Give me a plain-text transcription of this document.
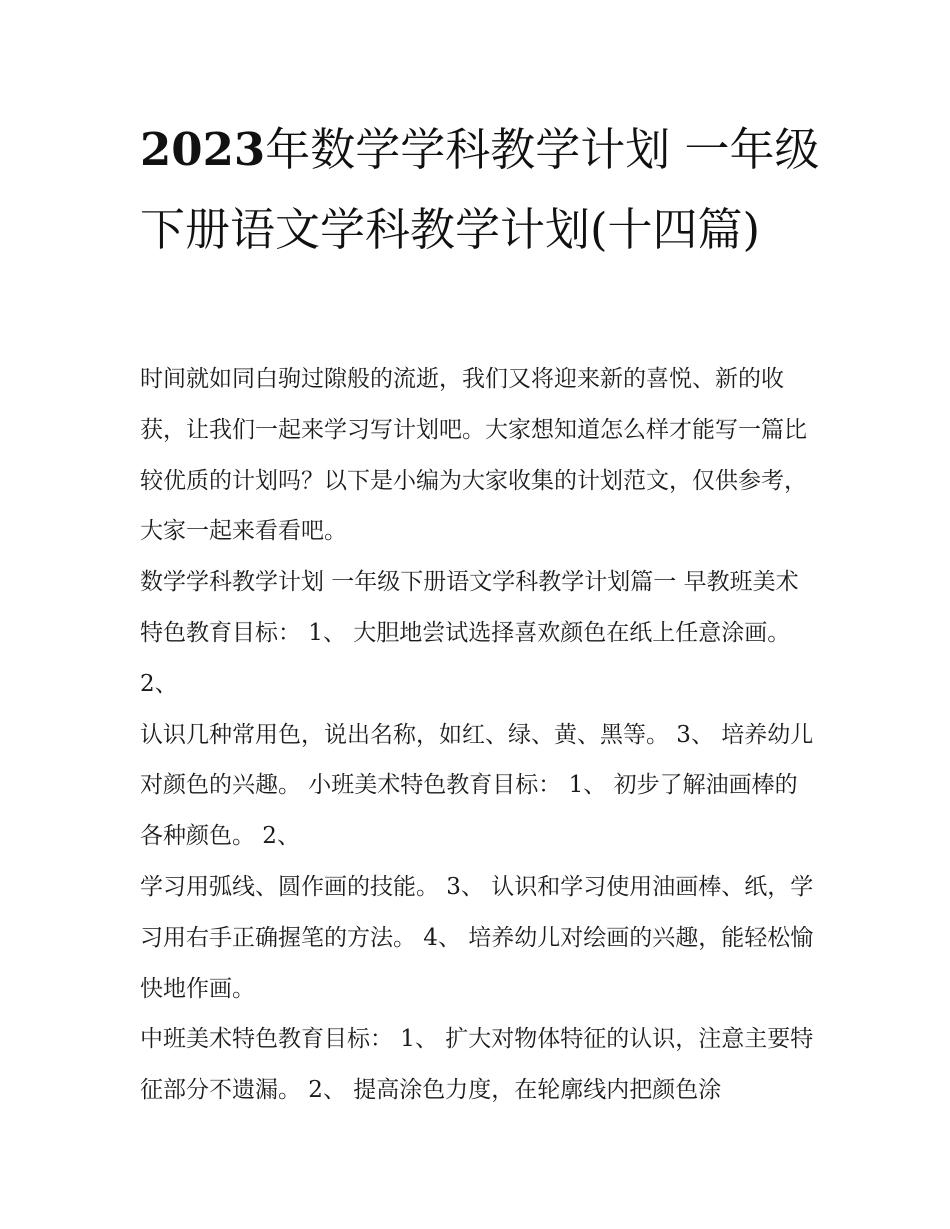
2023年数学学科教学计划 一年级下册语文学科教学计划(十四篇)

时间就如同白驹过隙般的流逝，我们又将迎来新的喜悦、新的收获，让我们一起来学习写计划吧。大家想知道怎么样才能写一篇比较优质的计划吗？以下是小编为大家收集的计划范文，仅供参考，大家一起来看看吧。

数学学科教学计划 一年级下册语文学科教学计划篇一 早教班美术特色教育目标： 1、 大胆地尝试选择喜欢颜色在纸上任意涂画。 2、

认识几种常用色，说出名称，如红、绿、黄、黑等。 3、 培养幼儿对颜色的兴趣。 小班美术特色教育目标： 1、 初步了解油画棒的各种颜色。 2、

学习用弧线、圆作画的技能。 3、 认识和学习使用油画棒、纸，学习用右手正确握笔的方法。 4、 培养幼儿对绘画的兴趣，能轻松愉快地作画。

中班美术特色教育目标： 1、 扩大对物体特征的认识，注意主要特征部分不遗漏。 2、 提高涂色力度，在轮廓线内把颜色涂
